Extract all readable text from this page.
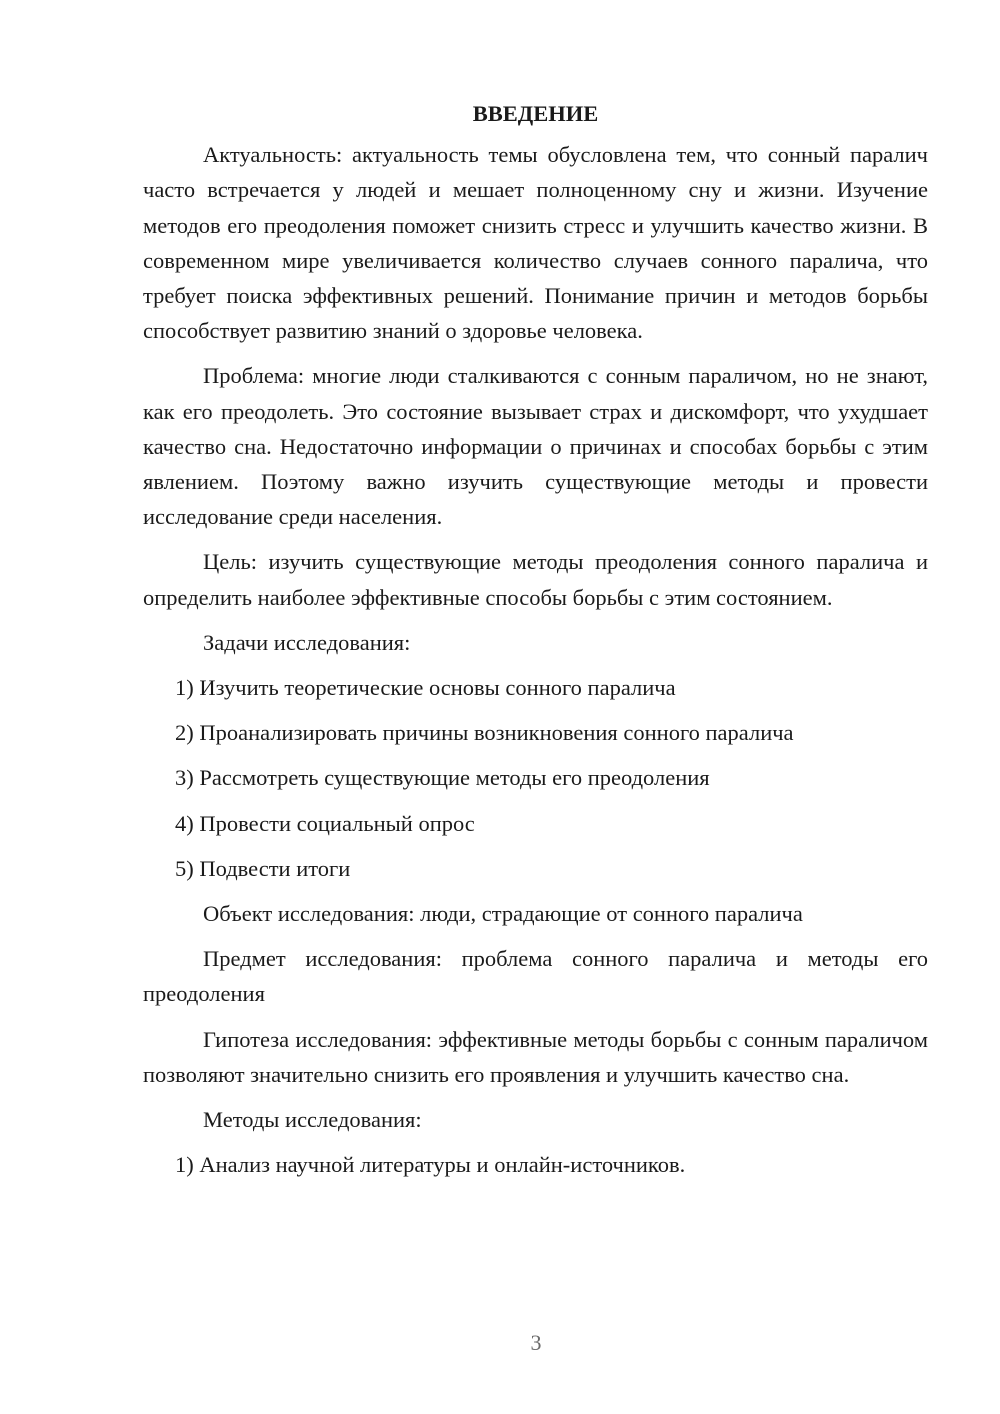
ВВЕДЕНИЕ

Актуальность: актуальность темы обусловлена тем, что сонный паралич часто встречается у людей и мешает полноценному сну и жизни. Изучение методов его преодоления поможет снизить стресс и улучшить качество жизни. В современном мире увеличивается количество случаев сонного паралича, что требует поиска эффективных решений. Понимание причин и методов борьбы способствует развитию знаний о здоровье человека.

Проблема: многие люди сталкиваются с сонным параличом, но не знают, как его преодолеть. Это состояние вызывает страх и дискомфорт, что ухудшает качество сна. Недостаточно информации о причинах и способах борьбы с этим явлением. Поэтому важно изучить существующие методы и провести исследование среди населения.

Цель: изучить существующие методы преодоления сонного паралича и определить наиболее эффективные способы борьбы с этим состоянием.

Задачи исследования:

1) Изучить теоретические основы сонного паралича
2) Проанализировать причины возникновения сонного паралича
3) Рассмотреть существующие методы его преодоления
4) Провести социальный опрос
5) Подвести итоги

Объект исследования: люди, страдающие от сонного паралича

Предмет исследования: проблема сонного паралича и методы его преодоления

Гипотеза исследования: эффективные методы борьбы с сонным параличом позволяют значительно снизить его проявления и улучшить качество сна.

Методы исследования:

1) Анализ научной литературы и онлайн-источников.
3
